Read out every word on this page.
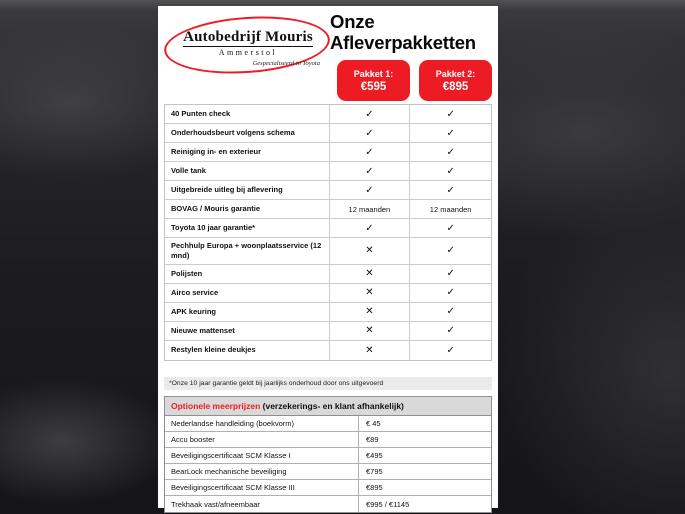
Autobedrijf Mouris
Ammerstol
Gespecialiseerd in Toyota
Onze
Afleverpakketten
Pakket 1:
€595
Pakket 2:
€895
40 Punten check	✓	✓
Onderhoudsbeurt volgens schema	✓	✓
Reiniging in- en exterieur	✓	✓
Volle tank	✓	✓
Uitgebreide uitleg bij aflevering	✓	✓
BOVAG / Mouris garantie	12 maanden	12 maanden
Toyota 10 jaar garantie*	✓	✓
Pechhulp Europa + woonplaatsservice (12 mnd)	✕	✓
Polijsten	✕	✓
Airco service	✕	✓
APK keuring	✕	✓
Nieuwe mattenset	✕	✓
Restylen kleine deukjes	✕	✓
*Onze 10 jaar garantie geldt bij jaarlijks onderhoud door ons uitgevoerd
Optionele meerprijzen (verzekerings- en klant afhankelijk)
Nederlandse handleiding (boekvorm)	€ 45
Accu booster	€89
Beveiligingscertificaat SCM Klasse I	€495
BearLock mechanische beveiliging	€795
Beveiligingscertificaat SCM Klasse III	€895
Trekhaak vast/afneembaar	€995 / €1145
